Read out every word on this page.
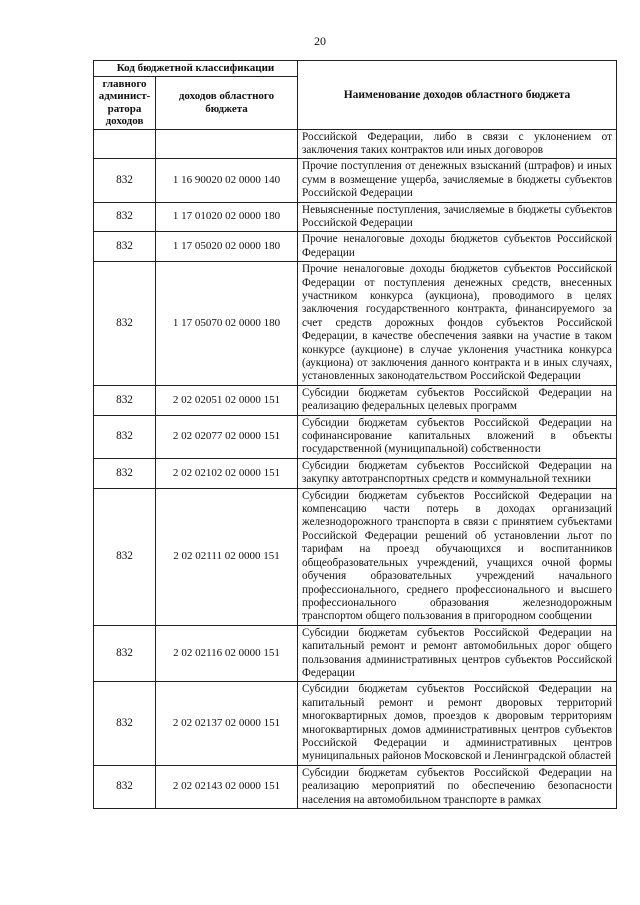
20
Код бюджетной классификации		Наименование доходов областного бюджета
главного админист-ратора доходов	доходов областного бюджета	
		Российской Федерации, либо в связи с уклонением от заключения таких контрактов или иных договоров
832	1 16 90020 02 0000 140	Прочие поступления от денежных взысканий (штрафов) и иных сумм в возмещение ущерба, зачисляемые в бюджеты субъектов Российской Федерации
832	1 17 01020 02 0000 180	Невыясненные поступления, зачисляемые в бюджеты субъектов Российской Федерации
832	1 17 05020 02 0000 180	Прочие неналоговые доходы бюджетов субъектов Российской Федерации
832	1 17 05070 02 0000 180	Прочие неналоговые доходы бюджетов субъектов Российской Федерации от поступления денежных средств, внесенных участником конкурса (аукциона), проводимого в целях заключения государственного контракта, финансируемого за счет средств дорожных фондов субъектов Российской Федерации, в качестве обеспечения заявки на участие в таком конкурсе (аукционе) в случае уклонения участника конкурса (аукциона) от заключения данного контракта и в иных случаях, установленных законодательством Российской Федерации
832	2 02 02051 02 0000 151	Субсидии бюджетам субъектов Российской Федерации на реализацию федеральных целевых программ
832	2 02 02077 02 0000 151	Субсидии бюджетам субъектов Российской Федерации на софинансирование капитальных вложений в объекты государственной (муниципальной) собственности
832	2 02 02102 02 0000 151	Субсидии бюджетам субъектов Российской Федерации на закупку автотранспортных средств и коммунальной техники
832	2 02 02111 02 0000 151	Субсидии бюджетам субъектов Российской Федерации на компенсацию части потерь в доходах организаций железнодорожного транспорта в связи с принятием субъектами Российской Федерации решений об установлении льгот по тарифам на проезд обучающихся и воспитанников общеобразовательных учреждений, учащихся очной формы обучения образовательных учреждений начального профессионального, среднего профессионального и высшего профессионального образования железнодорожным транспортом общего пользования в пригородном сообщении
832	2 02 02116 02 0000 151	Субсидии бюджетам субъектов Российской Федерации на капитальный ремонт и ремонт автомобильных дорог общего пользования административных центров субъектов Российской Федерации
832	2 02 02137 02 0000 151	Субсидии бюджетам субъектов Российской Федерации на капитальный ремонт и ремонт дворовых территорий многоквартирных домов, проездов к дворовым территориям многоквартирных домов административных центров субъектов Российской Федерации и административных центров муниципальных районов Московской и Ленинградской областей
832	2 02 02143 02 0000 151	Субсидии бюджетам субъектов Российской Федерации на реализацию мероприятий по обеспечению безопасности населения на автомобильном транспорте в рамках
